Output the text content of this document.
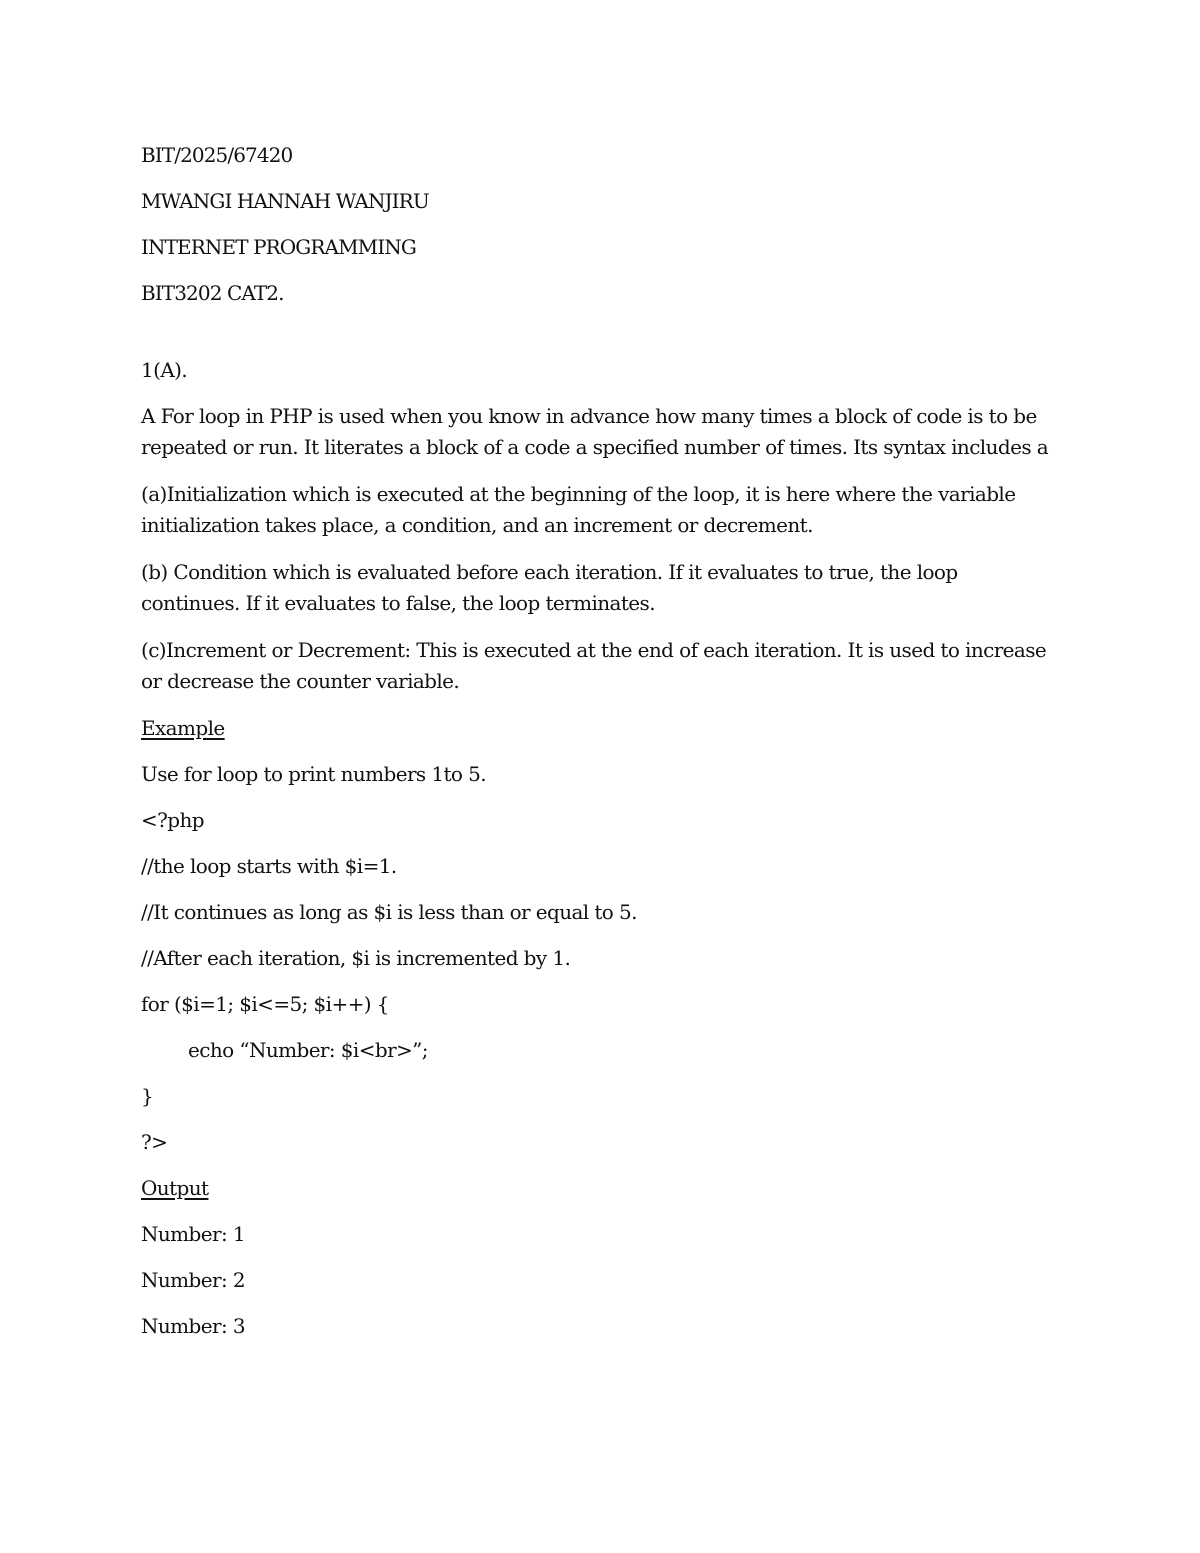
BIT/2025/67420
MWANGI HANNAH WANJIRU
INTERNET PROGRAMMING
BIT3202 CAT2.
1(A).
A For loop in PHP is used when you know in advance how many times a block of code is to be repeated or run. It literates a block of a code a specified number of times. Its syntax includes a
(a)Initialization which is executed at the beginning of the loop, it is here where the variable initialization takes place, a condition, and an increment or decrement.
(b) Condition which is evaluated before each iteration. If it evaluates to true, the loop continues. If it evaluates to false, the loop terminates.
(c)Increment or Decrement: This is executed at the end of each iteration. It is used to increase or decrease the counter variable.
Example
Use for loop to print numbers 1to 5.
<?php
//the loop starts with $i=1.
//It continues as long as $i is less than or equal to 5.
//After each iteration, $i is incremented by 1.
for ($i=1; $i<=5; $i++) {
echo “Number: $i<br>”;
}
?>
Output
Number: 1
Number: 2
Number: 3
